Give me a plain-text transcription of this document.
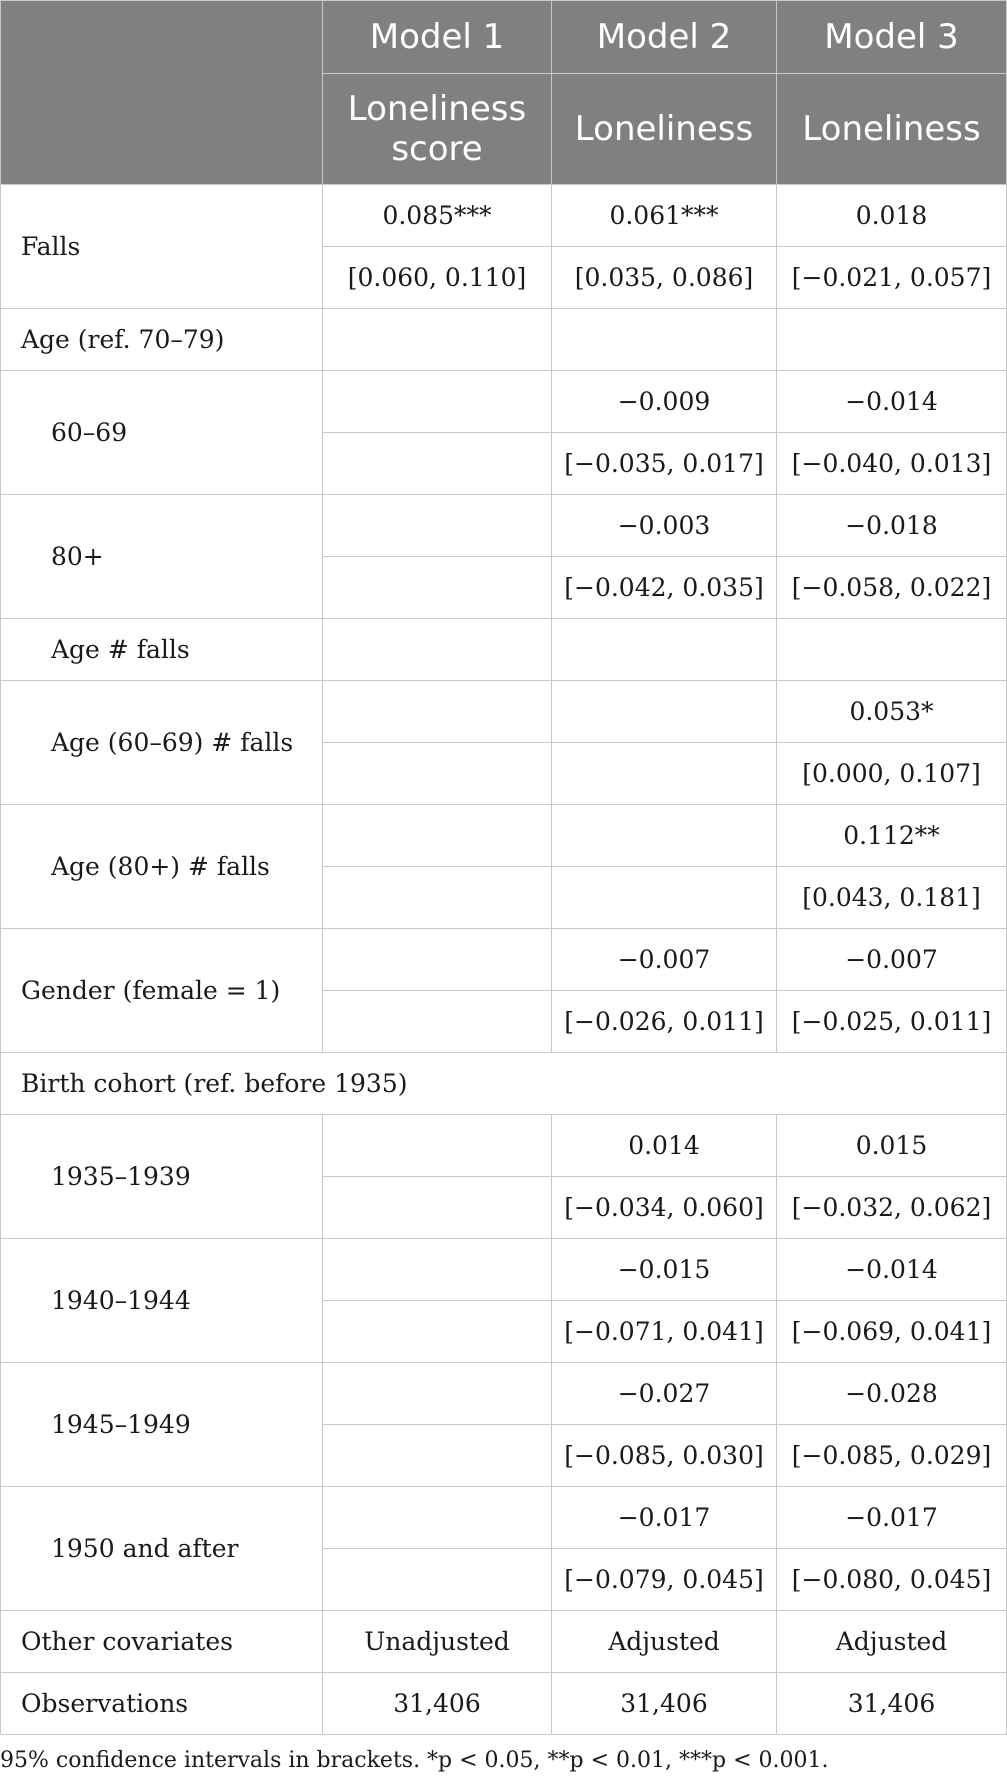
	Model 1	Model 2	Model 3
	Loneliness score	Loneliness	Loneliness
Falls	0.085***	0.061***	0.018
	[0.060, 0.110]	[0.035, 0.086]	[−0.021, 0.057]
Age (ref. 70–79)			
60–69		−0.009	−0.014
		[−0.035, 0.017]	[−0.040, 0.013]
80+		−0.003	−0.018
		[−0.042, 0.035]	[−0.058, 0.022]
Age # falls			
Age (60–69) # falls			0.053*
			[0.000, 0.107]
Age (80+) # falls			0.112**
			[0.043, 0.181]
Gender (female = 1)		−0.007	−0.007
		[−0.026, 0.011]	[−0.025, 0.011]
Birth cohort (ref. before 1935)			
1935–1939		0.014	0.015
		[−0.034, 0.060]	[−0.032, 0.062]
1940–1944		−0.015	−0.014
		[−0.071, 0.041]	[−0.069, 0.041]
1945–1949		−0.027	−0.028
		[−0.085, 0.030]	[−0.085, 0.029]
1950 and after		−0.017	−0.017
		[−0.079, 0.045]	[−0.080, 0.045]
Other covariates	Unadjusted	Adjusted	Adjusted
Observations	31,406	31,406	31,406
95% confidence intervals in brackets. *p < 0.05, **p < 0.01, ***p < 0.001.
